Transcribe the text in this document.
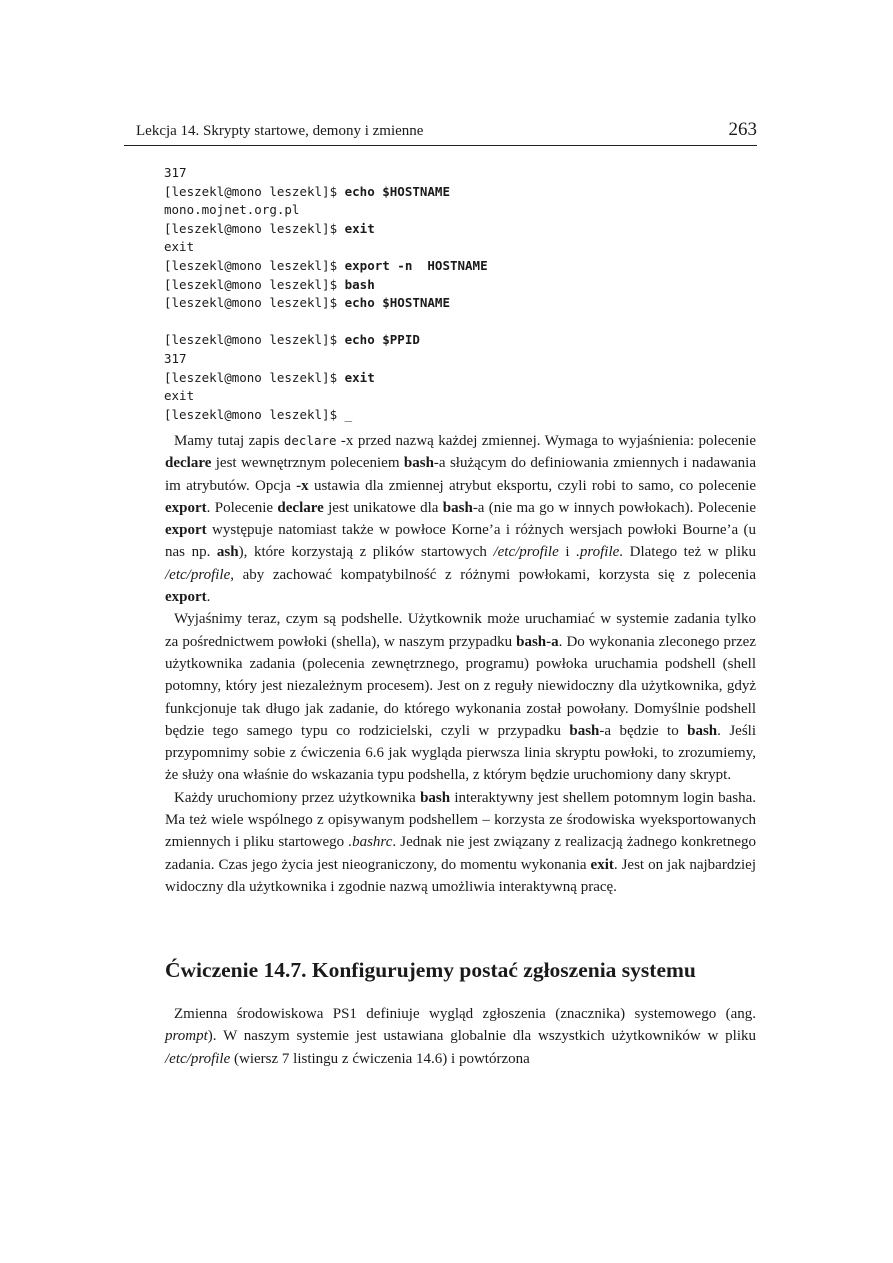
Lekcja 14. Skrypty startowe, demony i zmienne	263
317
[leszekl@mono leszekl]$ echo $HOSTNAME
mono.mojnet.org.pl
[leszekl@mono leszekl]$ exit
exit
[leszekl@mono leszekl]$ export -n  HOSTNAME
[leszekl@mono leszekl]$ bash
[leszekl@mono leszekl]$ echo $HOSTNAME
[leszekl@mono leszekl]$ echo $PPID
317
[leszekl@mono leszekl]$ exit
exit
[leszekl@mono leszekl]$ _

Mamy tutaj zapis declare -x przed nazwą każdej zmiennej. Wymaga to wyjaśnienia: polecenie declare jest wewnętrznym poleceniem bash-a służącym do definiowania zmiennych i nadawania im atrybutów. Opcja -x ustawia dla zmiennej atrybut eksportu, czyli robi to samo, co polecenie export. Polecenie declare jest unikatowe dla bash-a (nie ma go w innych powłokach). Polecenie export występuje natomiast także w powłoce Korne’a i różnych wersjach powłoki Bourne’a (u nas np. ash), które korzystają z plików startowych /etc/profile i .profile. Dlatego też w pliku /etc/profile, aby zachować kompatybilność z różnymi powłokami, korzysta się z polecenia export.

Wyjaśnimy teraz, czym są podshelle. Użytkownik może uruchamiać w systemie zadania tylko za pośrednictwem powłoki (shella), w naszym przypadku bash-a. Do wykonania zleconego przez użytkownika zadania (polecenia zewnętrznego, programu) powłoka uruchamia podshell (shell potomny, który jest niezależnym procesem). Jest on z reguły niewidoczny dla użytkownika, gdyż funkcjonuje tak długo jak zadanie, do którego wykonania został powołany. Domyślnie podshell będzie tego samego typu co rodzicielski, czyli w przypadku bash-a będzie to bash. Jeśli przypomnimy sobie z ćwiczenia 6.6 jak wygląda pierwsza linia skryptu powłoki, to zrozumiemy, że służy ona właśnie do wskazania typu podshella, z którym będzie uruchomiony dany skrypt.

Każdy uruchomiony przez użytkownika bash interaktywny jest shellem potomnym login basha. Ma też wiele wspólnego z opisywanym podshellem – korzysta ze środowiska wyeksportowanych zmiennych i pliku startowego .bashrc. Jednak nie jest związany z realizacją żadnego konkretnego zadania. Czas jego życia jest nieograniczony, do momentu wykonania exit. Jest on jak najbardziej widoczny dla użytkownika i zgodnie nazwą umożliwia interaktywną pracę.

Ćwiczenie 14.7. Konfigurujemy postać zgłoszenia systemu

Zmienna środowiskowa PS1 definiuje wygląd zgłoszenia (znacznika) systemowego (ang. prompt). W naszym systemie jest ustawiana globalnie dla wszystkich użytkowników w pliku /etc/profile (wiersz 7 listingu z ćwiczenia 14.6) i powtórzona
